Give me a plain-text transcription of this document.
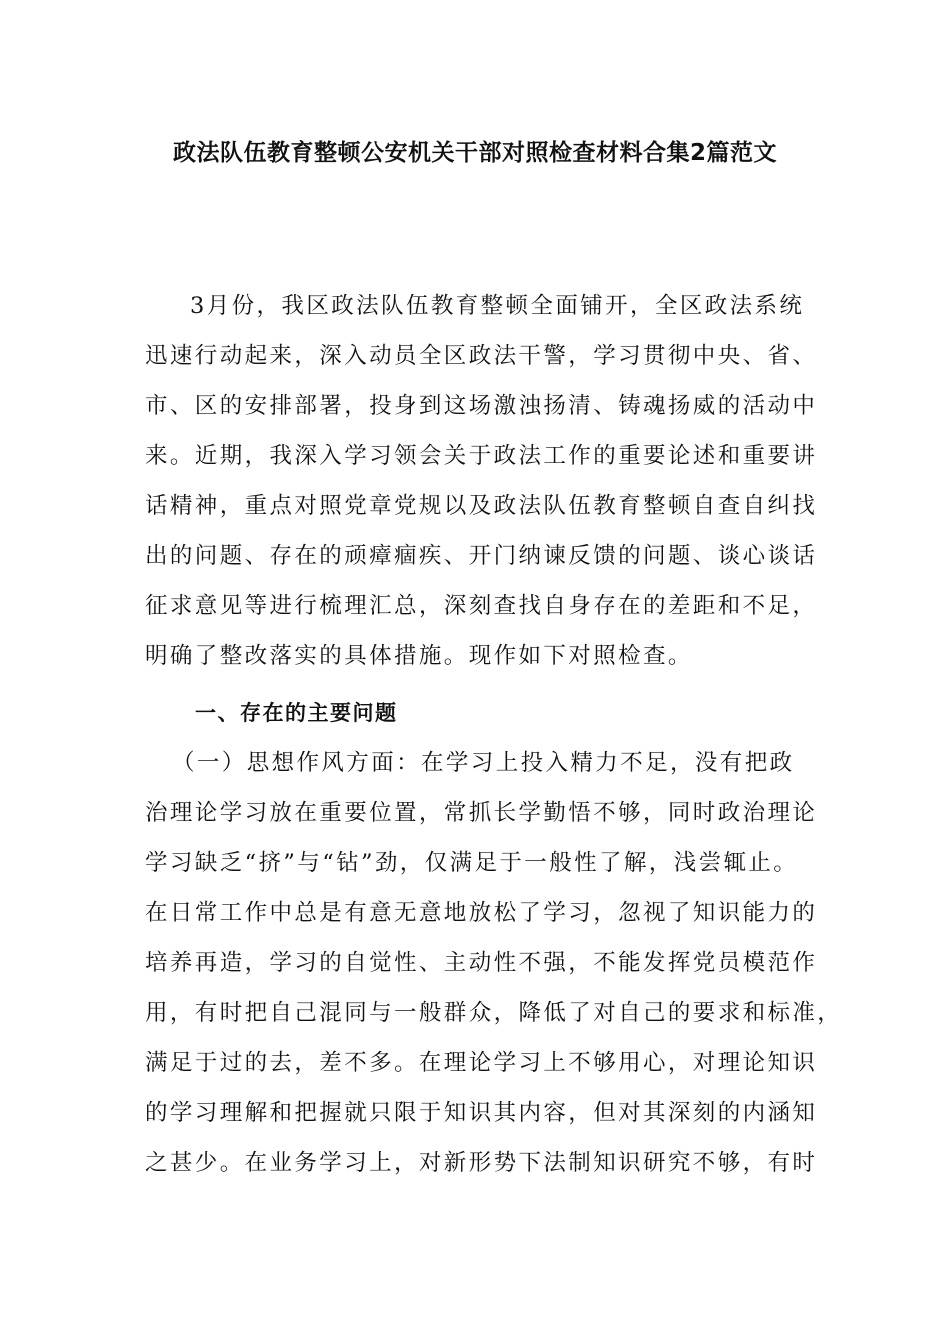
政法队伍教育整顿公安机关干部对照检查材料合集2篇范文
3月份，我区政法队伍教育整顿全面铺开，全区政法系统
迅速行动起来，深入动员全区政法干警，学习贯彻中央、省、
市、区的安排部署，投身到这场激浊扬清、铸魂扬威的活动中
来。近期，我深入学习领会关于政法工作的重要论述和重要讲
话精神，重点对照党章党规以及政法队伍教育整顿自查自纠找
出的问题、存在的顽瘴痼疾、开门纳谏反馈的问题、谈心谈话
征求意见等进行梳理汇总，深刻查找自身存在的差距和不足，
明确了整改落实的具体措施。现作如下对照检查。
一、存在的主要问题
（一）思想作风方面：在学习上投入精力不足，没有把政
治理论学习放在重要位置，常抓长学勤悟不够，同时政治理论
学习缺乏“挤”与“钻”劲，仅满足于一般性了解，浅尝辄止。
在日常工作中总是有意无意地放松了学习，忽视了知识能力的
培养再造，学习的自觉性、主动性不强，不能发挥党员模范作
用，有时把自己混同与一般群众，降低了对自己的要求和标准，
满足于过的去，差不多。在理论学习上不够用心，对理论知识
的学习理解和把握就只限于知识其内容，但对其深刻的内涵知
之甚少。在业务学习上，对新形势下法制知识研究不够，有时
